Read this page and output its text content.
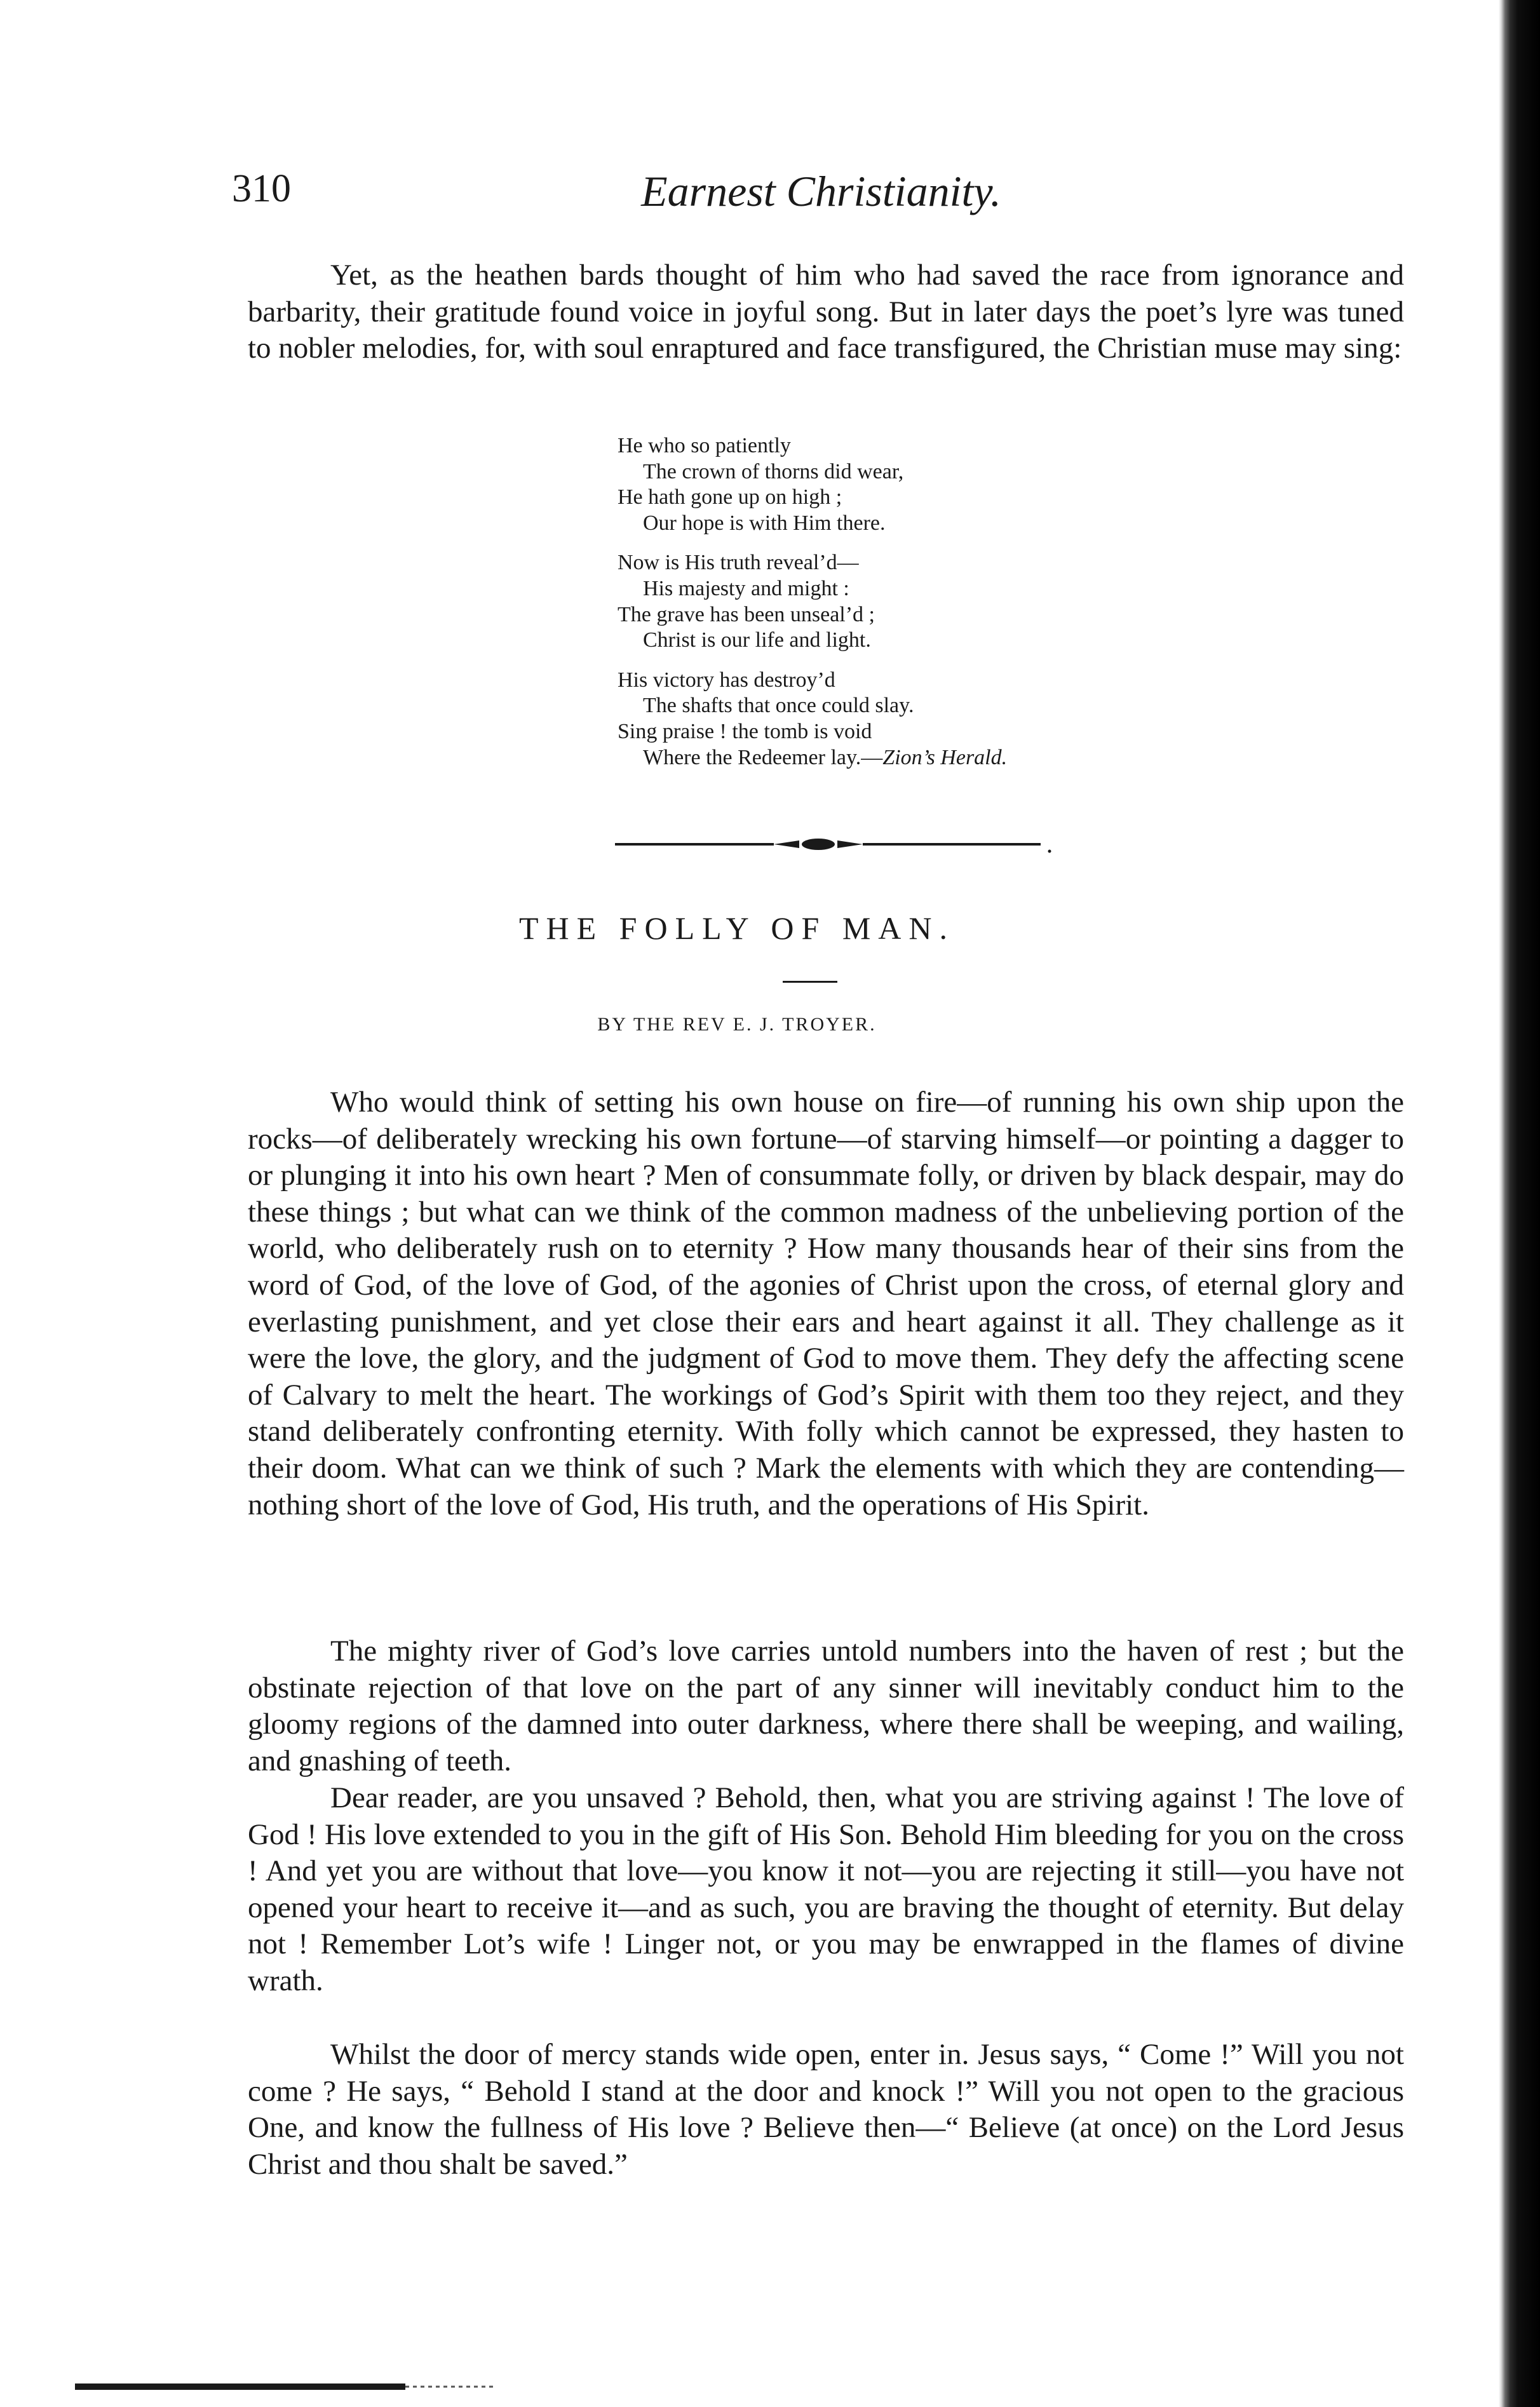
310	Earnest Christianity.

Yet, as the heathen bards thought of him who had saved the race from ignorance and barbarity, their gratitude found voice in joyful song. But in later days the poet’s lyre was tuned to nobler melodies, for, with soul enraptured and face transfigured, the Christian muse may sing:

He who so patiently
The crown of thorns did wear,
He hath gone up on high ;
Our hope is with Him there.
Now is His truth reveal’d—
His majesty and might :
The grave has been unseal’d ;
Christ is our life and light.
His victory has destroy’d
The shafts that once could slay.
Sing praise ! the tomb is void
Where the Redeemer lay.—Zion’s Herald.
THE FOLLY OF MAN.
BY THE REV E. J. TROYER.

Who would think of setting his own house on fire—of running his own ship upon the rocks—of deliberately wrecking his own fortune—of starving himself—or pointing a dagger to or plunging it into his own heart ? Men of consummate folly, or driven by black despair, may do these things ; but what can we think of the common madness of the unbelieving portion of the world, who deliberately rush on to eternity ? How many thousands hear of their sins from the word of God, of the love of God, of the agonies of Christ upon the cross, of eternal glory and everlasting punishment, and yet close their ears and heart against it all. They challenge as it were the love, the glory, and the judgment of God to move them. They defy the affecting scene of Calvary to melt the heart. The workings of God’s Spirit with them too they reject, and they stand deliberately confronting eternity. With folly which cannot be expressed, they hasten to their doom. What can we think of such ? Mark the elements with which they are contending—nothing short of the love of God, His truth, and the operations of His Spirit.

The mighty river of God’s love carries untold numbers into the haven of rest ; but the obstinate rejection of that love on the part of any sinner will inevitably conduct him to the gloomy regions of the damned into outer darkness, where there shall be weeping, and wailing, and gnashing of teeth.

Dear reader, are you unsaved ? Behold, then, what you are striving against ! The love of God ! His love extended to you in the gift of His Son. Behold Him bleeding for you on the cross ! And yet you are without that love—you know it not—you are rejecting it still—you have not opened your heart to receive it—and as such, you are braving the thought of eternity. But delay not ! Remember Lot’s wife ! Linger not, or you may be enwrapped in the flames of divine wrath.

Whilst the door of mercy stands wide open, enter in. Jesus says, “ Come !” Will you not come ? He says, “ Behold I stand at the door and knock !” Will you not open to the gracious One, and know the fullness of His love ? Believe then—“ Believe (at once) on the Lord Jesus Christ and thou shalt be saved.”
